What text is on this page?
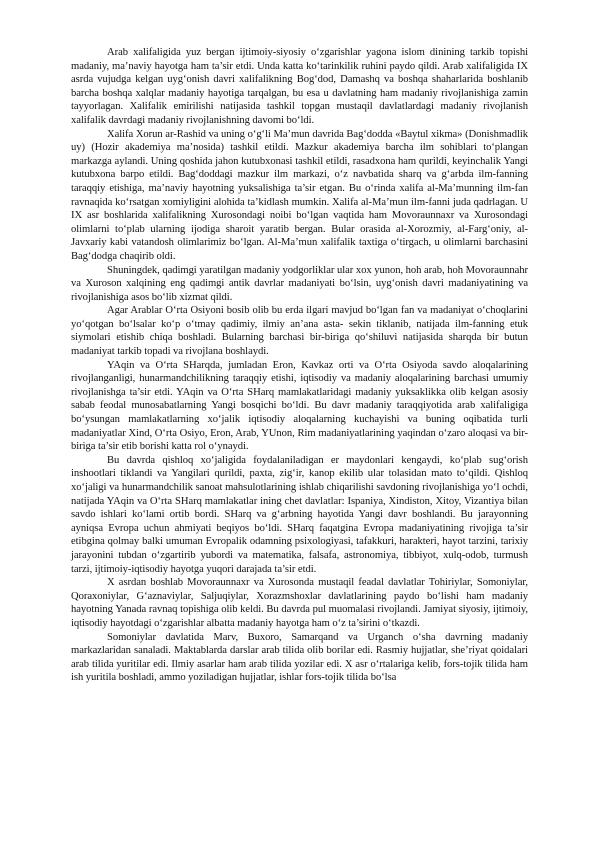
Arab xalifaligida yuz bergan ijtimoiy-siyosiy o‘zgarishlar yagona islom dinining tarkib topishi madaniy, ma’naviy hayotga ham ta’sir etdi. Unda katta ko‘tarinkilik ruhini paydo qildi. Arab xalifaligida IX asrda vujudga kelgan uyg‘onish davri xalifalikning Bog‘dod, Damashq va boshqa shaharlarida boshlanib barcha boshqa xalqlar madaniy hayotiga tarqalgan, bu esa u davlatning ham madaniy rivojlanishiga zamin tayyorlagan. Xalifalik emirilishi natijasida tashkil topgan mustaqil davlatlardagi madaniy rivojlanish xalifalik davrdagi madaniy rivojlanishning davomi bo‘ldi.

Xalifa Xorun ar-Rashid va uning o‘g‘li Ma’mun davrida Bag‘dodda «Baytul xikma» (Donishmadlik uy) (Hozir akademiya ma’nosida) tashkil etildi. Mazkur akademiya barcha ilm sohiblari to‘plangan markazga aylandi. Uning qoshida jahon kutubxonasi tashkil etildi, rasadxona ham qurildi, keyinchalik Yangi kutubxona barpo etildi. Bag‘doddagi mazkur ilm markazi, o‘z navbatida sharq va g‘arbda ilm-fanning taraqqiy etishiga, ma’naviy hayotning yuksalishiga ta’sir etgan. Bu o‘rinda xalifa al-Ma’munning ilm-fan ravnaqida ko‘rsatgan xomiyligini alohida ta’kidlash mumkin. Xalifa al-Ma’mun ilm-fanni juda qadrlagan. U IX asr boshlarida xalifalikning Xurosondagi noibi bo‘lgan vaqtida ham Movoraunnaxr va Xurosondagi olimlarni to‘plab ularning ijodiga sharoit yaratib bergan. Bular orasida al-Xorozmiy, al-Farg‘oniy, al-Javxariy kabi vatandosh olimlarimiz bo‘lgan. Al-Ma’mun xalifalik taxtiga o‘tirgach, u olimlarni barchasini Bag‘dodga chaqirib oldi.

Shuningdek, qadimgi yaratilgan madaniy yodgorliklar ular xox yunon, hoh arab, hoh Movoraunnahr va Xuroson xalqining eng qadimgi antik davrlar madaniyati bo‘lsin, uyg‘onish davri madaniyatining va rivojlanishiga asos bo‘lib xizmat qildi.

Agar Arablar O‘rta Osiyoni bosib olib bu erda ilgari mavjud bo‘lgan fan va madaniyat o‘choqlarini yo‘qotgan bo‘lsalar ko‘p o‘tmay qadimiy, ilmiy an’ana asta- sekin tiklanib, natijada ilm-fanning etuk siymolari etishib chiqa boshladi. Bularning barchasi bir-biriga qo‘shiluvi natijasida sharqda bir butun madaniyat tarkib topadi va rivojlana boshlaydi.

YAqin va O‘rta SHarqda, jumladan Eron, Kavkaz orti va O‘rta Osiyoda savdo aloqalarining rivojlanganligi, hunarmandchilikning taraqqiy etishi, iqtisodiy va madaniy aloqalarining barchasi umumiy rivojlanishga ta’sir etdi. YAqin va O‘rta SHarq mamlakatlaridagi madaniy yuksaklikka olib kelgan asosiy sabab feodal munosabatlarning Yangi bosqichi bo‘ldi. Bu davr madaniy taraqqiyotida arab xalifaligiga bo‘ysungan mamlakatlarning xo‘jalik iqtisodiy aloqalarning kuchayishi va buning oqibatida turli madaniyatlar Xind, O‘rta Osiyo, Eron, Arab, YUnon, Rim madaniyatlarining yaqindan o‘zaro aloqasi va bir-biriga ta’sir etib borishi katta rol o‘ynaydi.

Bu davrda qishloq xo‘jaligida foydalaniladigan er maydonlari kengaydi, ko‘plab sug‘orish inshootlari tiklandi va Yangilari qurildi, paxta, zig‘ir, kanop ekilib ular tolasidan mato to‘qildi. Qishloq xo‘jaligi va hunarmandchilik sanoat mahsulotlarining ishlab chiqarilishi savdoning rivojlanishiga yo‘l ochdi, natijada YAqin va O‘rta SHarq mamlakatlar ining chet davlatlar: Ispaniya, Xindiston, Xitoy, Vizantiya bilan savdo ishlari ko‘lami ortib bordi. SHarq va g‘arbning hayotida Yangi davr boshlandi. Bu jarayonning ayniqsa Evropa uchun ahmiyati beqiyos bo‘ldi. SHarq faqatgina Evropa madaniyatining rivojiga ta’sir etibgina qolmay balki umuman Evropalik odamning psixologiyasi, tafakkuri, harakteri, hayot tarzini, tarixiy jarayonini tubdan o‘zgartirib yubordi va matematika, falsafa, astronomiya, tibbiyot, xulq-odob, turmush tarzi, ijtimoiy-iqtisodiy hayotga yuqori darajada ta’sir etdi.

X asrdan boshlab Movoraunnaxr va Xurosonda mustaqil feadal davlatlar Tohiriylar, Somoniylar, Qoraxoniylar, G‘aznaviylar, Saljuqiylar, Xorazmshoxlar davlatlarining paydo bo‘lishi ham madaniy hayotning Yanada ravnaq topishiga olib keldi. Bu davrda pul muomalasi rivojlandi. Jamiyat siyosiy, ijtimoiy, iqtisodiy hayotdagi o‘zgarishlar albatta madaniy hayotga ham o‘z ta’sirini o‘tkazdi.

Somoniylar davlatida Marv, Buxoro, Samarqand va Urganch o‘sha davrning madaniy markazlaridan sanaladi. Maktablarda darslar arab tilida olib borilar edi. Rasmiy hujjatlar, she’riyat qoidalari arab tilida yuritilar edi. Ilmiy asarlar ham arab tilida yozilar edi. X asr o‘rtalariga kelib, fors-tojik tilida ham ish yuritila boshladi, ammo yoziladigan hujjatlar, ishlar fors-tojik tilida bo‘lsa
